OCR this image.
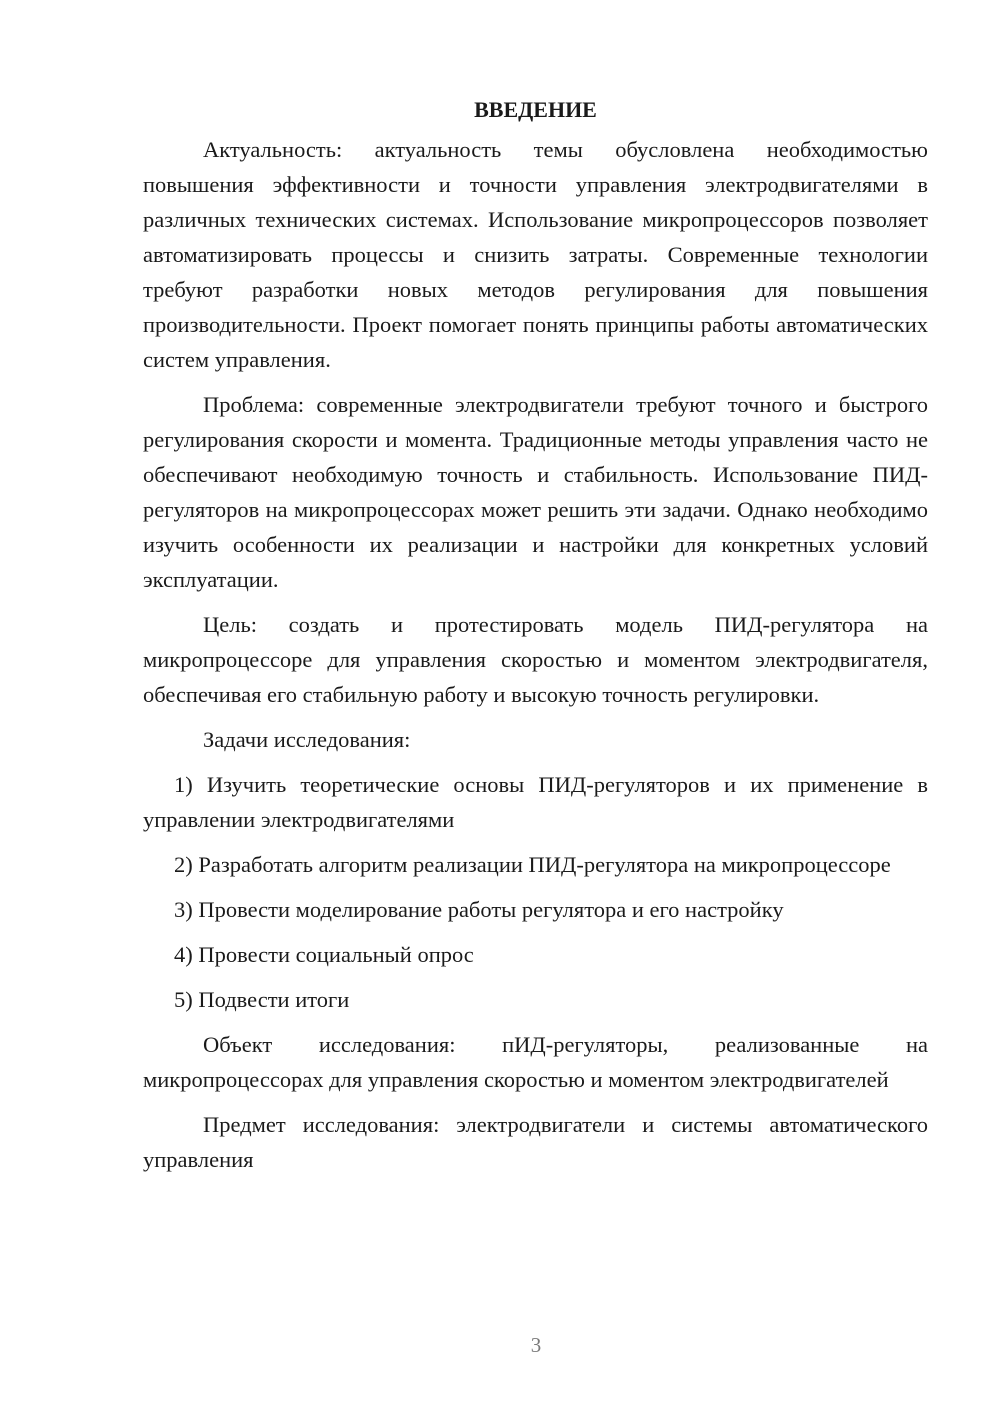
ВВЕДЕНИЕ

Актуальность: актуальность темы обусловлена необходимостью повышения эффективности и точности управления электродвигателями в различных технических системах. Использование микропроцессоров позволяет автоматизировать процессы и снизить затраты. Современные технологии требуют разработки новых методов регулирования для повышения производительности. Проект помогает понять принципы работы автоматических систем управления.

Проблема: современные электродвигатели требуют точного и быстрого регулирования скорости и момента. Традиционные методы управления часто не обеспечивают необходимую точность и стабильность. Использование ПИД-регуляторов на микропроцессорах может решить эти задачи. Однако необходимо изучить особенности их реализации и настройки для конкретных условий эксплуатации.

Цель: создать и протестировать модель ПИД-регулятора на микропроцессоре для управления скоростью и моментом электродвигателя, обеспечивая его стабильную работу и высокую точность регулировки.

Задачи исследования:

1) Изучить теоретические основы ПИД-регуляторов и их применение в управлении электродвигателями

2) Разработать алгоритм реализации ПИД-регулятора на микропроцессоре

3) Провести моделирование работы регулятора и его настройку

4) Провести социальный опрос

5) Подвести итоги

Объект исследования: пИД-регуляторы, реализованные на микропроцессорах для управления скоростью и моментом электродвигателей

Предмет исследования: электродвигатели и системы автоматического управления

3
